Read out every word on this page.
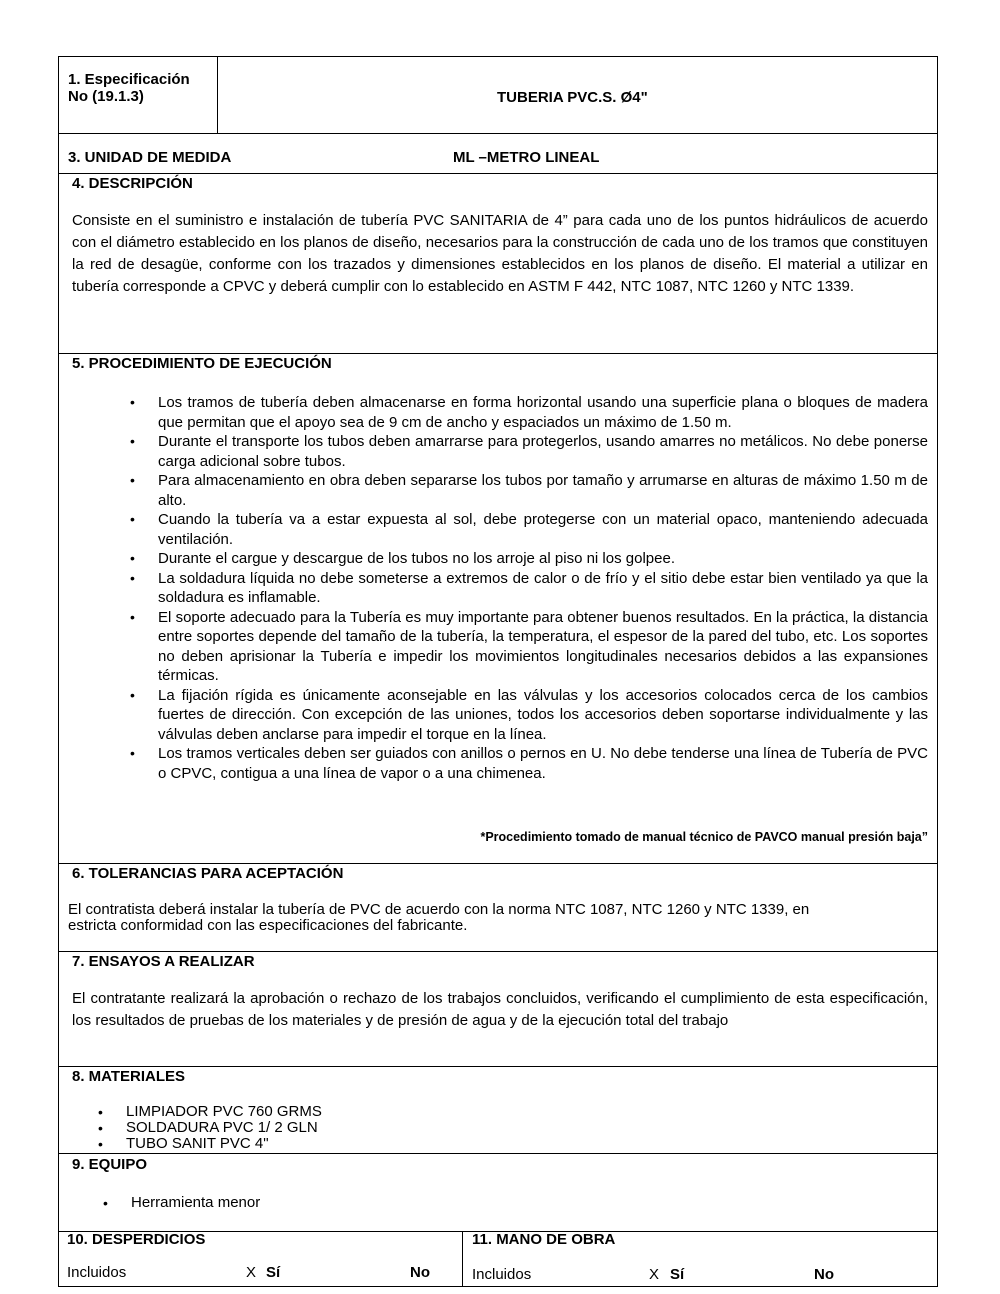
1. Especificación
No (19.1.3)	TUBERIA PVC.S. Ø4"
3. UNIDAD DE MEDIDA	ML –METRO LINEAL
4. DESCRIPCIÓN
Consiste en el suministro e instalación de tubería PVC SANITARIA de 4” para cada uno de los puntos hidráulicos de acuerdo con el diámetro establecido en los planos de diseño, necesarios para la construcción de cada uno de los tramos que constituyen la red de desagüe, conforme con los trazados y dimensiones establecidos en los planos de diseño. El material a utilizar en tubería corresponde a CPVC y deberá cumplir con lo establecido en ASTM F 442, NTC 1087, NTC 1260 y NTC 1339.
5. PROCEDIMIENTO DE EJECUCIÓN
• Los tramos de tubería deben almacenarse en forma horizontal usando una superficie plana o bloques de madera que permitan que el apoyo sea de 9 cm de ancho y espaciados un máximo de 1.50 m.
• Durante el transporte los tubos deben amarrarse para protegerlos, usando amarres no metálicos. No debe ponerse carga adicional sobre tubos.
• Para almacenamiento en obra deben separarse los tubos por tamaño y arrumarse en alturas de máximo 1.50 m de alto.
• Cuando la tubería va a estar expuesta al sol, debe protegerse con un material opaco, manteniendo adecuada ventilación.
• Durante el cargue y descargue de los tubos no los arroje al piso ni los golpee.
• La soldadura líquida no debe someterse a extremos de calor o de frío y el sitio debe estar bien ventilado ya que la soldadura es inflamable.
• El soporte adecuado para la Tubería es muy importante para obtener buenos resultados. En la práctica, la distancia entre soportes depende del tamaño de la tubería, la temperatura, el espesor de la pared del tubo, etc. Los soportes no deben aprisionar la Tubería e impedir los movimientos longitudinales necesarios debidos a las expansiones térmicas.
• La fijación rígida es únicamente aconsejable en las válvulas y los accesorios colocados cerca de los cambios fuertes de dirección. Con excepción de las uniones, todos los accesorios deben soportarse individualmente y las válvulas deben anclarse para impedir el torque en la línea.
• Los tramos verticales deben ser guiados con anillos o pernos en U. No debe tenderse una línea de Tubería de PVC o CPVC, contigua a una línea de vapor o a una chimenea.
*Procedimiento tomado de manual técnico de PAVCO manual presión baja”
6. TOLERANCIAS PARA ACEPTACIÓN
El contratista deberá instalar la tubería de PVC de acuerdo con la norma NTC 1087, NTC 1260 y NTC 1339, en
estricta conformidad con las especificaciones del fabricante.
7. ENSAYOS A REALIZAR
El contratante realizará la aprobación o rechazo de los trabajos concluidos, verificando el cumplimiento de esta especificación, los resultados de pruebas de los materiales y de presión de agua y de la ejecución total del trabajo
8. MATERIALES
• LIMPIADOR PVC 760 GRMS
• SOLDADURA PVC 1/ 2 GLN
• TUBO SANIT PVC 4"
9. EQUIPO
• Herramienta menor
10. DESPERDICIOS
Incluidos	X Sí	No
11. MANO DE OBRA
Incluidos	X Sí	No
